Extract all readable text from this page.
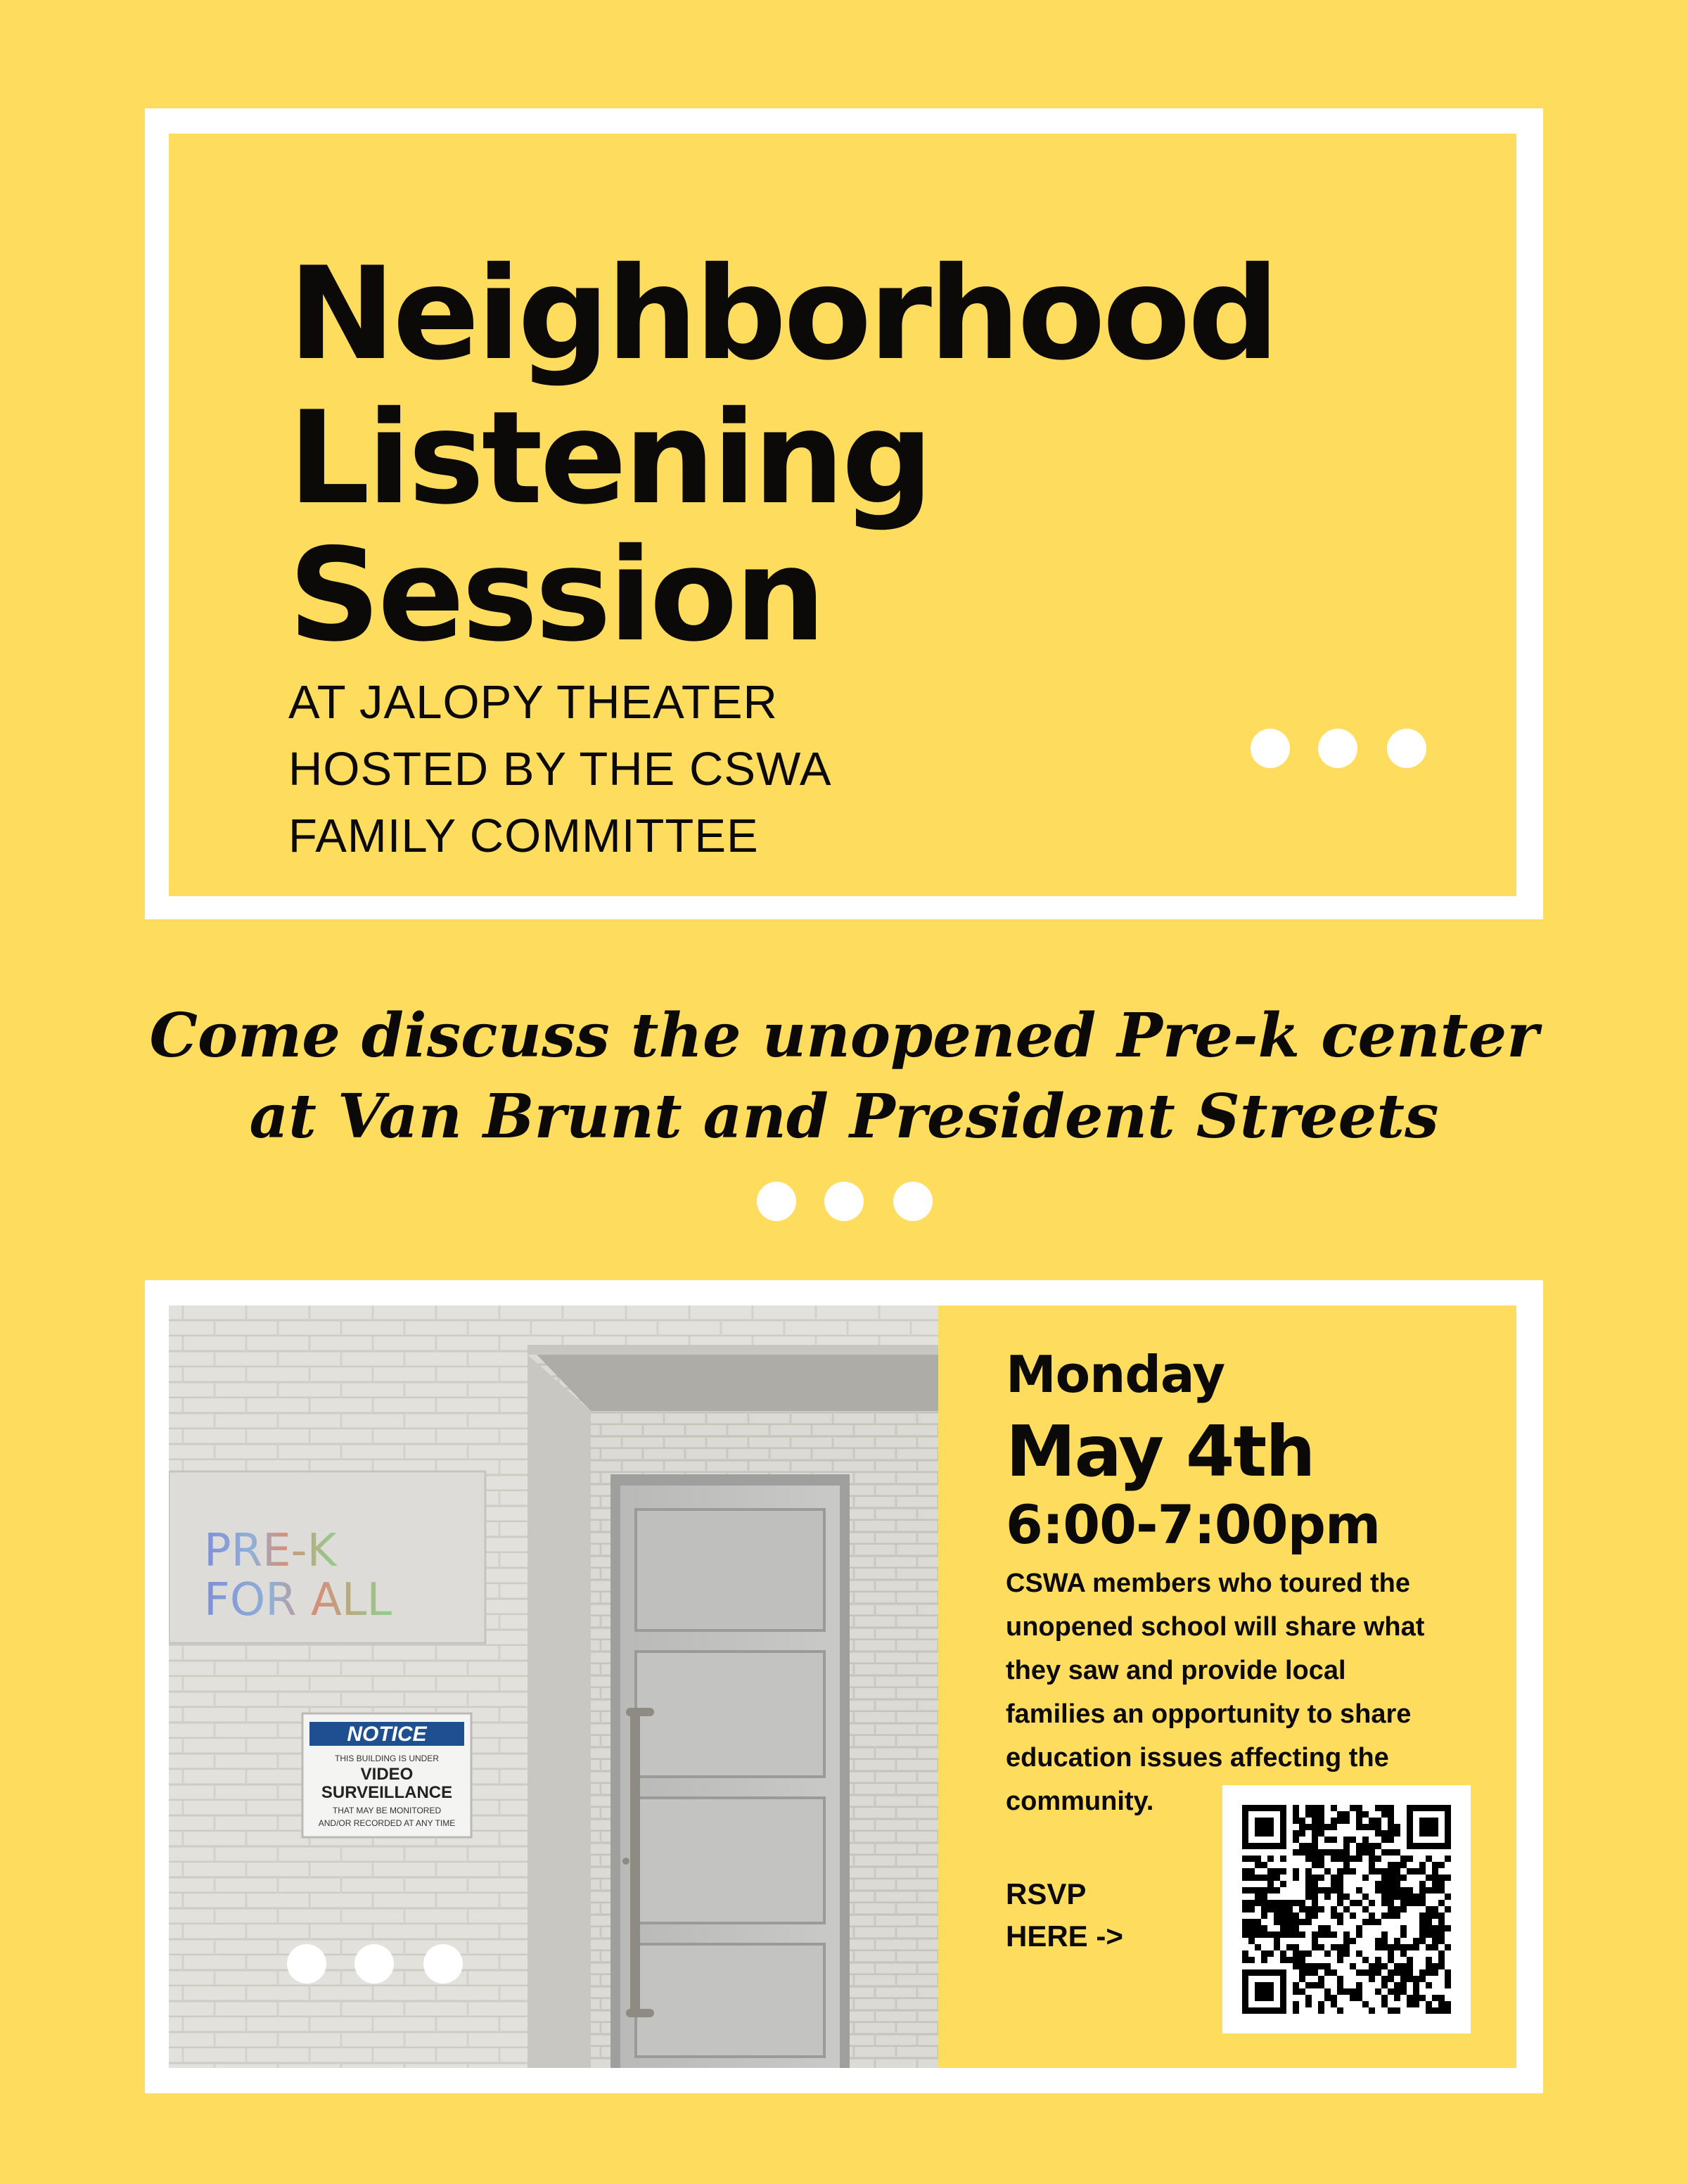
Neighborhood
Listening
Session
AT JALOPY THEATER
HOSTED BY THE CSWA
FAMILY COMMITTEE
Come discuss the unopened Pre-k center
at Van Brunt and President Streets
PRE-K
FOR ALL
NOTICE
THIS BUILDING IS UNDER
VIDEO
SURVEILLANCE
THAT MAY BE MONITORED
AND/OR RECORDED AT ANY TIME
Monday
May 4th
6:00-7:00pm
CSWA members who toured the
unopened school will share what
they saw and provide local
families an opportunity to share
education issues affecting the
community.
RSVP
HERE ->
